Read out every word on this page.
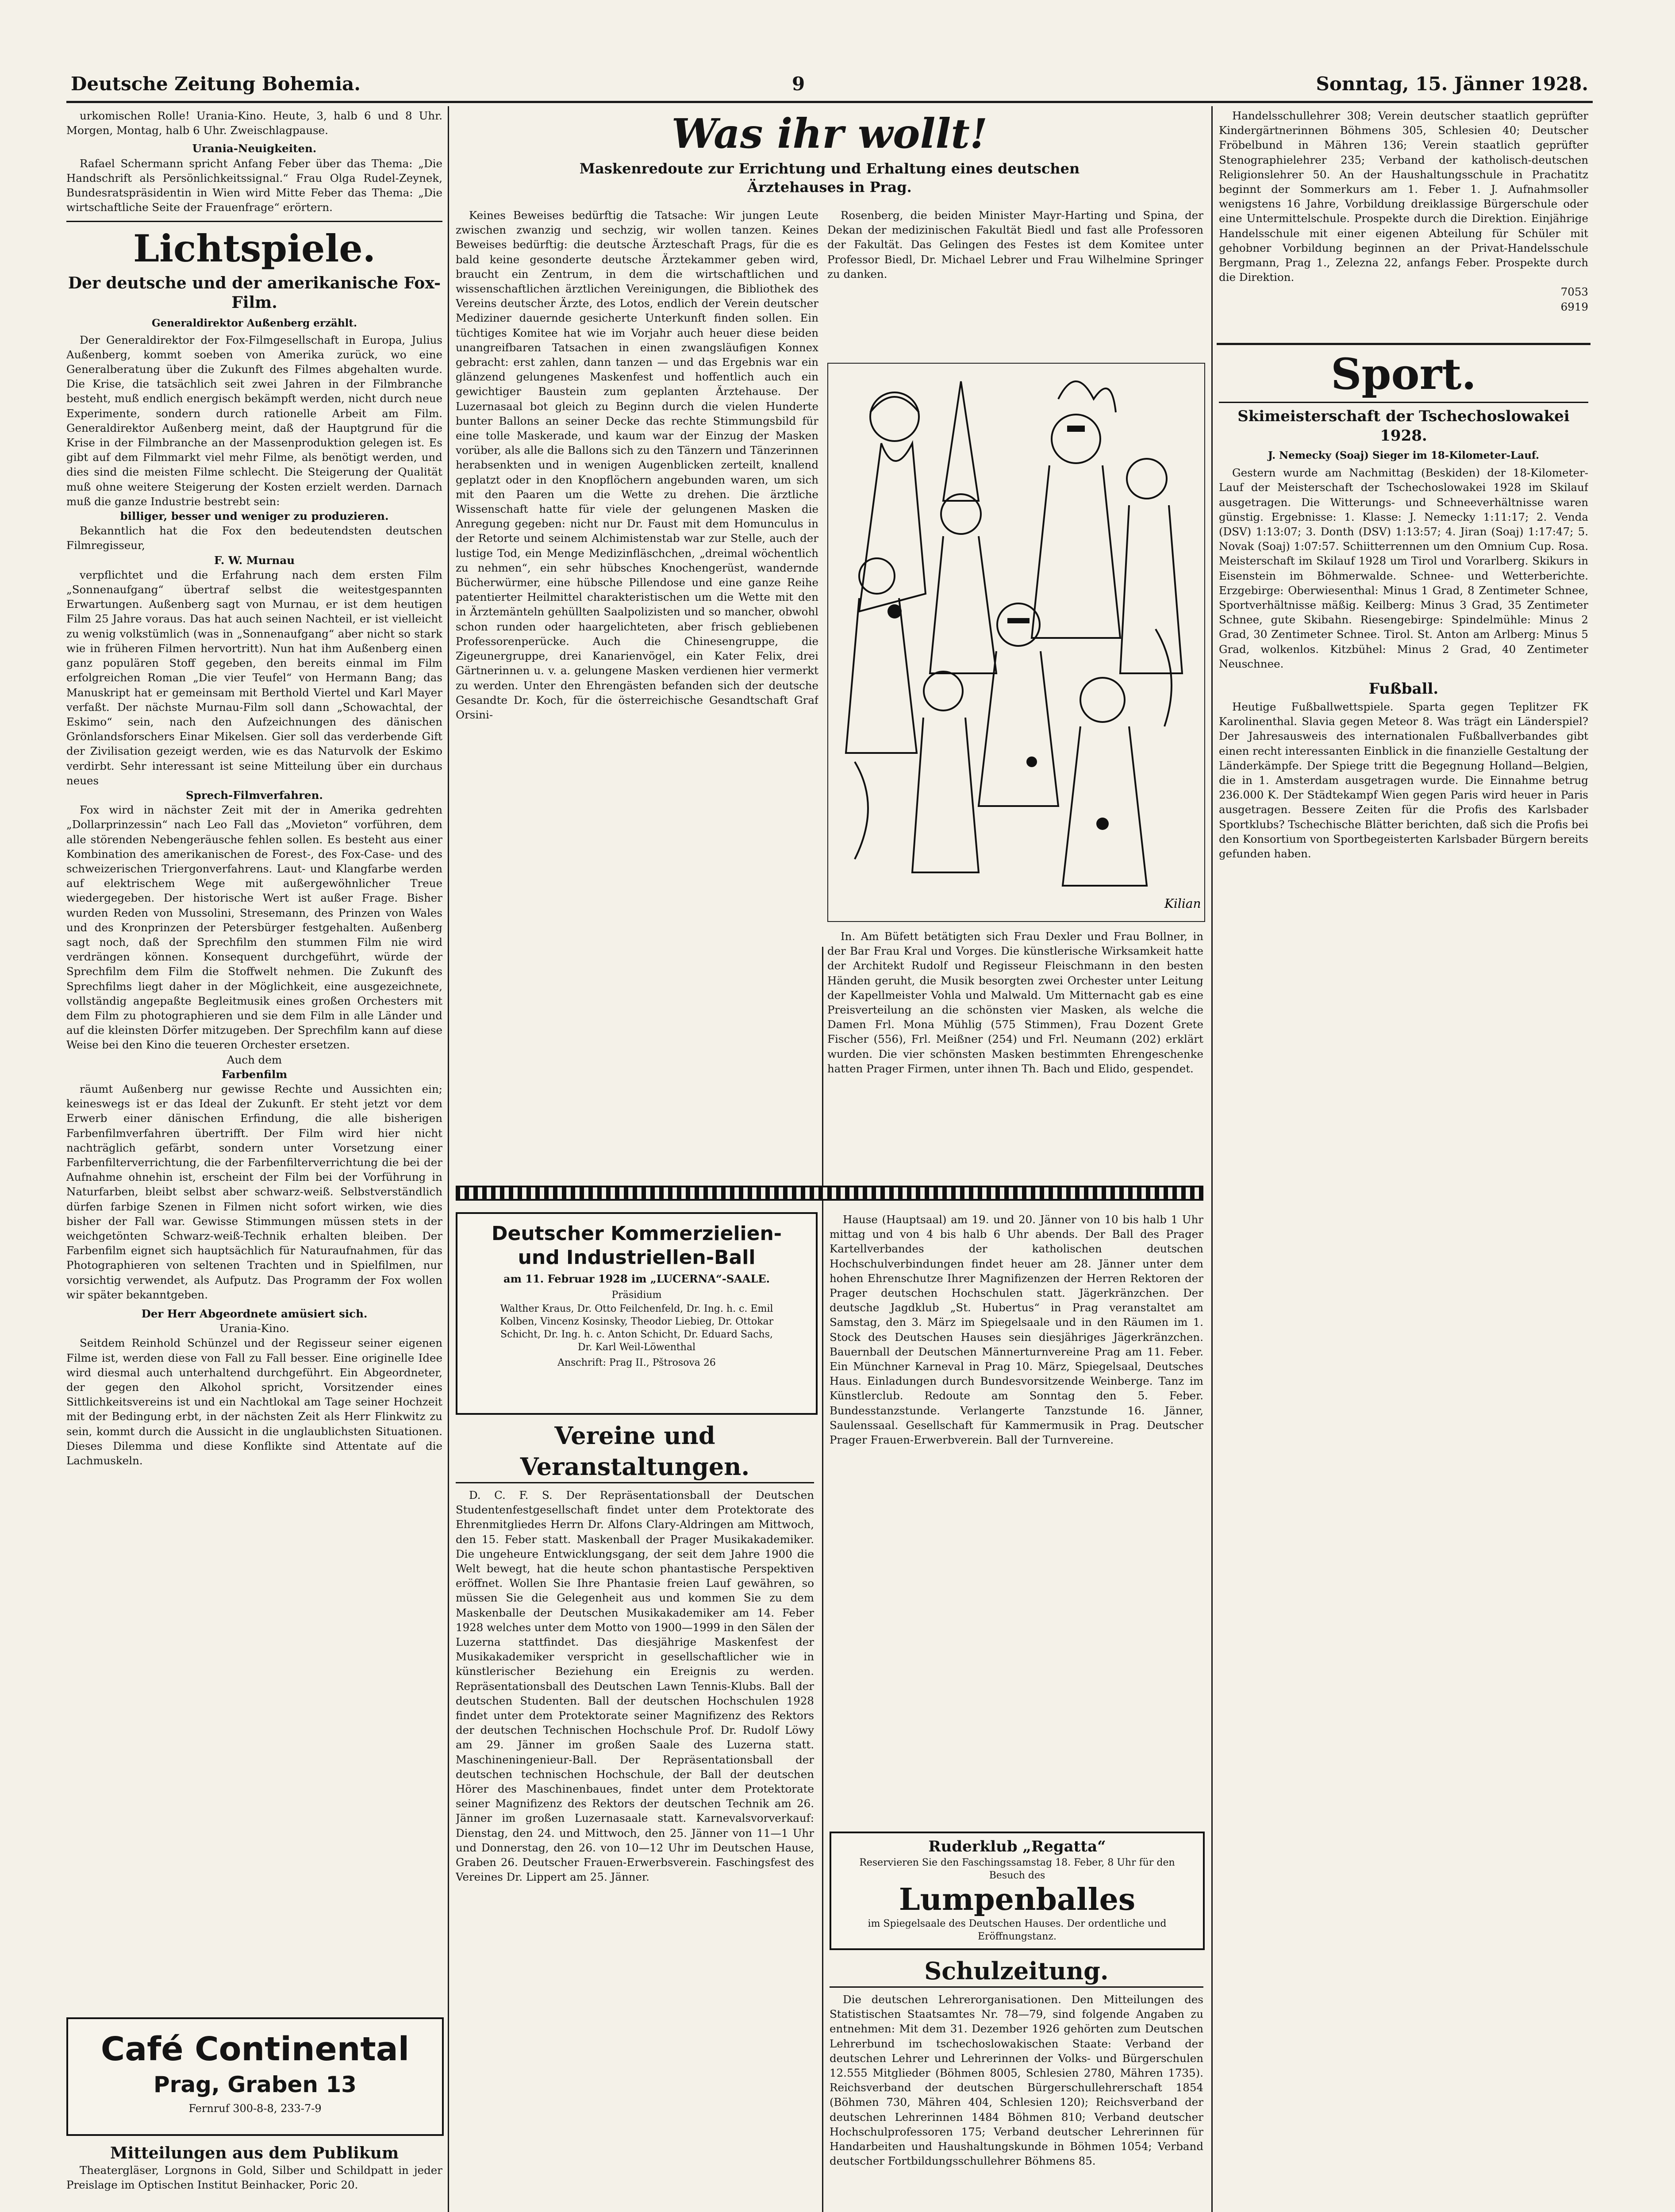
Deutsche Zeitung Bohemia.	9	Sonntag, 15. Jänner 1928.

urkomischen Rolle! Urania-Kino. Heute, 3, halb 6 und 8 Uhr. Morgen, Montag, halb 6 Uhr. Zweischlagpause.

Urania-Neuigkeiten.

Rafael Schermann spricht Anfang Feber über das Thema: „Die Handschrift als Persönlichkeitssignal.“ Frau Olga Rudel-Zeynek, Bundesratspräsidentin in Wien wird Mitte Feber das Thema: „Die wirtschaftliche Seite der Frauenfrage“ erörtern.

Lichtspiele.
Der deutsche und der amerikanische Fox-Film.
Generaldirektor Außenberg erzählt.

Der Generaldirektor der Fox-Filmgesellschaft in Europa, Julius Außenberg, kommt soeben von Amerika zurück, wo eine Generalberatung über die Zukunft des Filmes abgehalten wurde. Die Krise, die tatsächlich seit zwei Jahren in der Filmbranche besteht, muß endlich energisch bekämpft werden, nicht durch neue Experimente, sondern durch rationelle Arbeit am Film. Generaldirektor Außenberg meint, daß der Hauptgrund für die Krise in der Filmbranche an der Massenproduktion gelegen ist. Es gibt auf dem Filmmarkt viel mehr Filme, als benötigt werden, und dies sind die meisten Filme schlecht. Die Steigerung der Qualität muß ohne weitere Steigerung der Kosten erzielt werden. Darnach muß die ganze Industrie bestrebt sein:

billiger, besser und weniger zu produzieren.

Bekanntlich hat die Fox den bedeutendsten deutschen Filmregisseur,

F. W. Murnau

verpflichtet und die Erfahrung nach dem ersten Film „Sonnenaufgang“ übertraf selbst die weitestgespannten Erwartungen. Außenberg sagt von Murnau, er ist dem heutigen Film 25 Jahre voraus. Das hat auch seinen Nachteil, er ist vielleicht zu wenig volkstümlich (was in „Sonnenaufgang“ aber nicht so stark wie in früheren Filmen hervortritt). Nun hat ihm Außenberg einen ganz populären Stoff gegeben, den bereits einmal im Film erfolgreichen Roman „Die vier Teufel“ von Hermann Bang; das Manuskript hat er gemeinsam mit Berthold Viertel und Karl Mayer verfaßt. Der nächste Murnau-Film soll dann „Schowachtal, der Eskimo“ sein, nach den Aufzeichnungen des dänischen Grönlandsforschers Einar Mikelsen. Gier soll das verderbende Gift der Zivilisation gezeigt werden, wie es das Naturvolk der Eskimo verdirbt. Sehr interessant ist seine Mitteilung über ein durchaus neues

Sprech-Filmverfahren.

Fox wird in nächster Zeit mit der in Amerika gedrehten „Dollarprinzessin“ nach Leo Fall das „Movieton“ vorführen, dem alle störenden Nebengeräusche fehlen sollen. Es besteht aus einer Kombination des amerikanischen de Forest-, des Fox-Case- und des schweizerischen Triergonverfahrens. Laut- und Klangfarbe werden auf elektrischem Wege mit außergewöhnlicher Treue wiedergegeben. Der historische Wert ist außer Frage. Bisher wurden Reden von Mussolini, Stresemann, des Prinzen von Wales und des Kronprinzen der Petersbürger festgehalten. Außenberg sagt noch, daß der Sprechfilm den stummen Film nie wird verdrängen können. Konsequent durchgeführt, würde der Sprechfilm dem Film die Stoffwelt nehmen. Die Zukunft des Sprechfilms liegt daher in der Möglichkeit, eine ausgezeichnete, vollständig angepaßte Begleitmusik eines großen Orchesters mit dem Film zu photographieren und sie dem Film in alle Länder und auf die kleinsten Dörfer mitzugeben. Der Sprechfilm kann auf diese Weise bei den Kino die teueren Orchester ersetzen.

Auch dem
Farbenfilm

räumt Außenberg nur gewisse Rechte und Aussichten ein; keineswegs ist er das Ideal der Zukunft. Er steht jetzt vor dem Erwerb einer dänischen Erfindung, die alle bisherigen Farbenfilmverfahren übertrifft. Der Film wird hier nicht nachträglich gefärbt, sondern unter Vorsetzung einer Farbenfilterverrichtung, die der Farbenfilterverrichtung die bei der Aufnahme ohnehin ist, erscheint der Film bei der Vorführung in Naturfarben, bleibt selbst aber schwarz-weiß. Selbstverständlich dürfen farbige Szenen in Filmen nicht sofort wirken, wie dies bisher der Fall war. Gewisse Stimmungen müssen stets in der weichgetönten Schwarz-weiß-Technik erhalten bleiben. Der Farbenfilm eignet sich hauptsächlich für Naturaufnahmen, für das Photographieren von seltenen Trachten und in Spielfilmen, nur vorsichtig verwendet, als Aufputz. Das Programm der Fox wollen wir später bekanntgeben.

Der Herr Abgeordnete amüsiert sich.
Urania-Kino.

Seitdem Reinhold Schünzel und der Regisseur seiner eigenen Filme ist, werden diese von Fall zu Fall besser. Eine originelle Idee wird diesmal auch unterhaltend durchgeführt. Ein Abgeordneter, der gegen den Alkohol spricht, Vorsitzender eines Sittlichkeitsvereins ist und ein Nachtlokal am Tage seiner Hochzeit mit der Bedingung erbt, in der nächsten Zeit als Herr Flinkwitz zu sein, kommt durch die Aussicht in die unglaublichsten Situationen. Dieses Dilemma und diese Konflikte sind Attentate auf die Lachmuskeln.

Café Continental
Prag, Graben 13
Fernruf 300-8-8, 233-7-9
Mitteilungen aus dem Publikum

Theatergläser, Lorgnons in Gold, Silber und Schildpatt in jeder Preislage im Optischen Institut Beinhacker, Poric 20.

Was ihr wollt!
Maskenredoute zur Errichtung und Erhaltung eines deutschen Ärztehauses in Prag.

Keines Beweises bedürftig die Tatsache: Wir jungen Leute zwischen zwanzig und sechzig, wir wollen tanzen. Keines Beweises bedürftig: die deutsche Ärzteschaft Prags, für die es bald keine gesonderte deutsche Ärztekammer geben wird, braucht ein Zentrum, in dem die wirtschaftlichen und wissenschaftlichen ärztlichen Vereinigungen, die Bibliothek des Vereins deutscher Ärzte, des Lotos, endlich der Verein deutscher Mediziner dauernde gesicherte Unterkunft finden sollen. Ein tüchtiges Komitee hat wie im Vorjahr auch heuer diese beiden unangreifbaren Tatsachen in einen zwangsläufigen Konnex gebracht: erst zahlen, dann tanzen — und das Ergebnis war ein glänzend gelungenes Maskenfest und hoffentlich auch ein gewichtiger Baustein zum geplanten Ärztehause. Der Luzernasaal bot gleich zu Beginn durch die vielen Hunderte bunter Ballons an seiner Decke das rechte Stimmungsbild für eine tolle Maskerade, und kaum war der Einzug der Masken vorüber, als alle die Ballons sich zu den Tänzern und Tänzerinnen herabsenkten und in wenigen Augenblicken zerteilt, knallend geplatzt oder in den Knopflöchern angebunden waren, um sich mit den Paaren um die Wette zu drehen. Die ärztliche Wissenschaft hatte für viele der gelungenen Masken die Anregung gegeben: nicht nur Dr. Faust mit dem Homunculus in der Retorte und seinem Alchimistenstab war zur Stelle, auch der lustige Tod, ein Menge Medizinfläschchen, „dreimal wöchentlich zu nehmen“, ein sehr hübsches Knochengerüst, wandernde Bücherwürmer, eine hübsche Pillendose und eine ganze Reihe patentierter Heilmittel charakteristischen um die Wette mit den in Ärztemänteln gehüllten Saalpolizisten und so mancher, obwohl schon runden oder haargelichteten, aber frisch gebliebenen Professorenperücke. Auch die Chinesengruppe, die Zigeunergruppe, drei Kanarienvögel, ein Kater Felix, drei Gärtnerinnen u. v. a. gelungene Masken verdienen hier vermerkt zu werden. Unter den Ehrengästen befanden sich der deutsche Gesandte Dr. Koch, für die österreichische Gesandtschaft Graf Orsini-

Rosenberg, die beiden Minister Mayr-Harting und Spina, der Dekan der medizinischen Fakultät Biedl und fast alle Professoren der Fakultät. Das Gelingen des Festes ist dem Komitee unter Professor Biedl, Dr. Michael Lebrer und Frau Wilhelmine Springer zu danken.

Kilian

In. Am Büfett betätigten sich Frau Dexler und Frau Bollner, in der Bar Frau Kral und Vorges. Die künstlerische Wirksamkeit hatte der Architekt Rudolf und Regisseur Fleischmann in den besten Händen geruht, die Musik besorgten zwei Orchester unter Leitung der Kapellmeister Vohla und Malwald. Um Mitternacht gab es eine Preisverteilung an die schönsten vier Masken, als welche die Damen Frl. Mona Mühlig (575 Stimmen), Frau Dozent Grete Fischer (556), Frl. Meißner (254) und Frl. Neumann (202) erklärt wurden. Die vier schönsten Masken bestimmten Ehrengeschenke hatten Prager Firmen, unter ihnen Th. Bach und Elido, gespendet.

Deutscher Kommerzielien-
und Industriellen-Ball
am 11. Februar 1928 im „LUCERNA“-SAALE.
Präsidium
Walther Kraus, Dr. Otto Feilchenfeld, Dr. Ing. h. c. Emil Kolben, Vincenz Kosinsky, Theodor Liebieg, Dr. Ottokar Schicht, Dr. Ing. h. c. Anton Schicht, Dr. Eduard Sachs, Dr. Karl Weil-Löwenthal
Anschrift: Prag II., Pštrosova 26
Vereine und Veranstaltungen.

D. C. F. S. Der Repräsentationsball der Deutschen Studentenfestgesellschaft findet unter dem Protektorate des Ehrenmitgliedes Herrn Dr. Alfons Clary-Aldringen am Mittwoch, den 15. Feber statt. Maskenball der Prager Musikakademiker. Die ungeheure Entwicklungsgang, der seit dem Jahre 1900 die Welt bewegt, hat die heute schon phantastische Perspektiven eröffnet. Wollen Sie Ihre Phantasie freien Lauf gewähren, so müssen Sie die Gelegenheit aus und kommen Sie zu dem Maskenballe der Deutschen Musikakademiker am 14. Feber 1928 welches unter dem Motto von 1900—1999 in den Sälen der Luzerna stattfindet. Das diesjährige Maskenfest der Musikakademiker verspricht in gesellschaftlicher wie in künstlerischer Beziehung ein Ereignis zu werden. Repräsentationsball des Deutschen Lawn Tennis-Klubs. Ball der deutschen Studenten. Ball der deutschen Hochschulen 1928 findet unter dem Protektorate seiner Magnifizenz des Rektors der deutschen Technischen Hochschule Prof. Dr. Rudolf Löwy am 29. Jänner im großen Saale des Luzerna statt. Maschineningenieur-Ball. Der Repräsentationsball der deutschen technischen Hochschule, der Ball der deutschen Hörer des Maschinenbaues, findet unter dem Protektorate seiner Magnifizenz des Rektors der deutschen Technik am 26. Jänner im großen Luzernasaale statt. Karnevalsvorverkauf: Dienstag, den 24. und Mittwoch, den 25. Jänner von 11—1 Uhr und Donnerstag, den 26. von 10—12 Uhr im Deutschen Hause, Graben 26. Deutscher Frauen-Erwerbsverein. Faschingsfest des Vereines Dr. Lippert am 25. Jänner.

Hause (Hauptsaal) am 19. und 20. Jänner von 10 bis halb 1 Uhr mittag und von 4 bis halb 6 Uhr abends. Der Ball des Prager Kartellverbandes der katholischen deutschen Hochschulverbindungen findet heuer am 28. Jänner unter dem hohen Ehrenschutze Ihrer Magnifizenzen der Herren Rektoren der Prager deutschen Hochschulen statt. Jägerkränzchen. Der deutsche Jagdklub „St. Hubertus“ in Prag veranstaltet am Samstag, den 3. März im Spiegelsaale und in den Räumen im 1. Stock des Deutschen Hauses sein diesjähriges Jägerkränzchen. Bauernball der Deutschen Männerturnvereine Prag am 11. Feber. Ein Münchner Karneval in Prag 10. März, Spiegelsaal, Deutsches Haus. Einladungen durch Bundesvorsitzende Weinberge. Tanz im Künstlerclub. Redoute am Sonntag den 5. Feber. Bundesstanzstunde. Verlangerte Tanzstunde 16. Jänner, Saulenssaal. Gesellschaft für Kammermusik in Prag. Deutscher Prager Frauen-Erwerbverein. Ball der Turnvereine.

Ruderklub „Regatta“
Reservieren Sie den Faschingssamstag 18. Feber, 8 Uhr für den Besuch des
Lumpenballes
im Spiegelsaale des Deutschen Hauses. Der ordentliche und Eröffnungstanz.
Schulzeitung.

Die deutschen Lehrerorganisationen. Den Mitteilungen des Statistischen Staatsamtes Nr. 78—79, sind folgende Angaben zu entnehmen: Mit dem 31. Dezember 1926 gehörten zum Deutschen Lehrerbund im tschechoslowakischen Staate: Verband der deutschen Lehrer und Lehrerinnen der Volks- und Bürgerschulen 12.555 Mitglieder (Böhmen 8005, Schlesien 2780, Mähren 1735). Reichsverband der deutschen Bürgerschullehrerschaft 1854 (Böhmen 730, Mähren 404, Schlesien 120); Reichsverband der deutschen Lehrerinnen 1484 Böhmen 810; Verband deutscher Hochschulprofessoren 175; Verband deutscher Lehrerinnen für Handarbeiten und Haushaltungskunde in Böhmen 1054; Verband deutscher Fortbildungsschullehrer Böhmens 85.

Handelsschullehrer 308; Verein deutscher staatlich geprüfter Kindergärtnerinnen Böhmens 305, Schlesien 40; Deutscher Fröbelbund in Mähren 136; Verein staatlich geprüfter Stenographielehrer 235; Verband der katholisch-deutschen Religionslehrer 50. An der Haushaltungsschule in Prachatitz beginnt der Sommerkurs am 1. Feber 1. J. Aufnahmsoller wenigstens 16 Jahre, Vorbildung dreiklassige Bürgerschule oder eine Untermittelschule. Prospekte durch die Direktion. Einjährige Handelsschule mit einer eigenen Abteilung für Schüler mit gehobner Vorbildung beginnen an der Privat-Handelsschule Bergmann, Prag 1., Zelezna 22, anfangs Feber. Prospekte durch die Direktion.

7053
6919
Sport.
Skimeisterschaft der Tschechoslowakei 1928.
J. Nemecky (Soaj) Sieger im 18-Kilometer-Lauf.

Gestern wurde am Nachmittag (Beskiden) der 18-Kilometer-Lauf der Meisterschaft der Tschechoslowakei 1928 im Skilauf ausgetragen. Die Witterungs- und Schneeverhältnisse waren günstig. Ergebnisse: 1. Klasse: J. Nemecky 1:11:17; 2. Venda (DSV) 1:13:07; 3. Donth (DSV) 1:13:57; 4. Jiran (Soaj) 1:17:47; 5. Novak (Soaj) 1:07:57. Schiitterrennen um den Omnium Cup. Rosa. Meisterschaft im Skilauf 1928 um Tirol und Vorarlberg. Skikurs in Eisenstein im Böhmerwalde. Schnee- und Wetterberichte. Erzgebirge: Oberwiesenthal: Minus 1 Grad, 8 Zentimeter Schnee, Sportverhältnisse mäßig. Keilberg: Minus 3 Grad, 35 Zentimeter Schnee, gute Skibahn. Riesengebirge: Spindelmühle: Minus 2 Grad, 30 Zentimeter Schnee. Tirol. St. Anton am Arlberg: Minus 5 Grad, wolkenlos. Kitzbühel: Minus 2 Grad, 40 Zentimeter Neuschnee.

Fußball.

Heutige Fußballwettspiele. Sparta gegen Teplitzer FK Karolinenthal. Slavia gegen Meteor 8. Was trägt ein Länderspiel? Der Jahresausweis des internationalen Fußballverbandes gibt einen recht interessanten Einblick in die finanzielle Gestaltung der Länderkämpfe. Der Spiege tritt die Begegnung Holland—Belgien, die in 1. Amsterdam ausgetragen wurde. Die Einnahme betrug 236.000 K. Der Städtekampf Wien gegen Paris wird heuer in Paris ausgetragen. Bessere Zeiten für die Profis des Karlsbader Sportklubs? Tschechische Blätter berichten, daß sich die Profis bei den Konsortium von Sportbegeisterten Karlsbader Bürgern bereits gefunden haben.
